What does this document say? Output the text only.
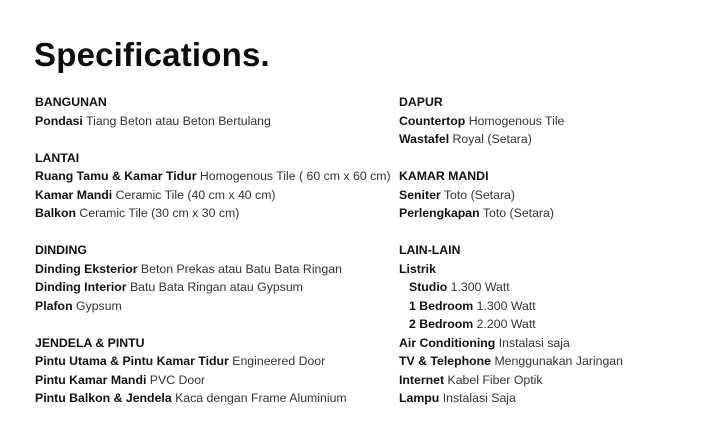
Specifications.
BANGUNAN
Pondasi Tiang Beton atau Beton Bertulang
LANTAI
Ruang Tamu & Kamar Tidur Homogenous Tile ( 60 cm x 60 cm)
Kamar Mandi Ceramic Tile (40 cm x 40 cm)
Balkon Ceramic Tile (30 cm x 30 cm)
DINDING
Dinding Eksterior Beton Prekas atau Batu Bata Ringan
Dinding Interior Batu Bata Ringan atau Gypsum
Plafon Gypsum
JENDELA & PINTU
Pintu Utama & Pintu Kamar Tidur Engineered Door
Pintu Kamar Mandi PVC Door
Pintu Balkon & Jendela Kaca dengan Frame Aluminium
DAPUR
Countertop Homogenous Tile
Wastafel Royal (Setara)
KAMAR MANDI
Seniter Toto (Setara)
Perlengkapan Toto (Setara)
LAIN-LAIN
Listrik
Studio 1.300 Watt
1 Bedroom 1.300 Watt
2 Bedroom 2.200 Watt
Air Conditioning Instalasi saja
TV & Telephone Menggunakan Jaringan
Internet Kabel Fiber Optik
Lampu Instalasi Saja
